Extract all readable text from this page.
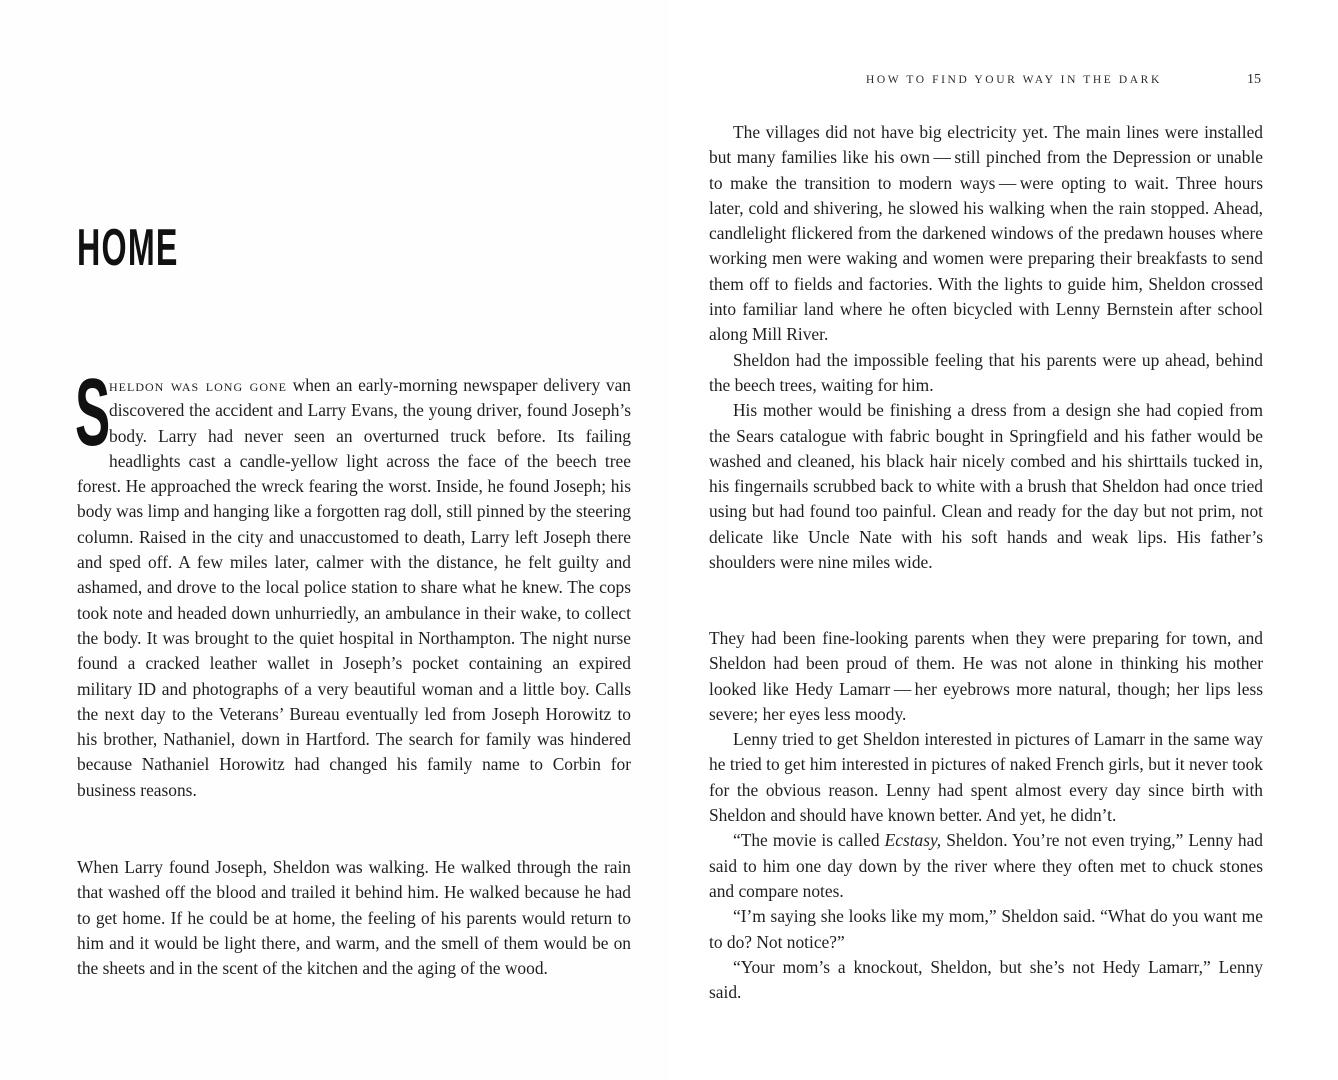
HOME

S
heldon was long gone when an early-morning newspaper delivery van discovered the accident and Larry Evans, the young driver, found Joseph’s body. Larry had never seen an overturned truck before. Its failing headlights cast a candle-yellow light across the face of the beech tree forest. He approached the wreck fearing the worst. Inside, he found Joseph; his body was limp and hanging like a forgotten rag doll, still pinned by the steering column. Raised in the city and unaccustomed to death, Larry left Joseph there and sped off. A few miles later, calmer with the distance, he felt guilty and ashamed, and drove to the local police station to share what he knew. The cops took note and headed down unhurriedly, an ambulance in their wake, to collect the body. It was brought to the quiet hospital in Northampton. The night nurse found a cracked leather wallet in Joseph’s pocket containing an expired military ID and photographs of a very beautiful woman and a little boy. Calls the next day to the Veterans’ Bureau eventually led from Joseph Horowitz to his brother, Nathaniel, down in Hartford. The search for family was hindered because Nathaniel Horowitz had changed his family name to Corbin for business reasons.

When Larry found Joseph, Sheldon was walking. He walked through the rain that washed off the blood and trailed it behind him. He walked because he had to get home. If he could be at home, the feeling of his parents would return to him and it would be light there, and warm, and the smell of them would be on the sheets and in the scent of the kitchen and the aging of the wood.

HOW TO FIND YOUR WAY IN THE DARK	15

The villages did not have big electricity yet. The main lines were installed but many families like his own — still pinched from the Depression or unable to make the transition to modern ways — were opting to wait. Three hours later, cold and shivering, he slowed his walking when the rain stopped. Ahead, candlelight flickered from the darkened windows of the predawn houses where working men were waking and women were preparing their breakfasts to send them off to fields and factories. With the lights to guide him, Sheldon crossed into familiar land where he often bicycled with Lenny Bernstein after school along Mill River.

Sheldon had the impossible feeling that his parents were up ahead, behind the beech trees, waiting for him.

His mother would be finishing a dress from a design she had copied from the Sears catalogue with fabric bought in Springfield and his father would be washed and cleaned, his black hair nicely combed and his shirttails tucked in, his fingernails scrubbed back to white with a brush that Sheldon had once tried using but had found too painful. Clean and ready for the day but not prim, not delicate like Uncle Nate with his soft hands and weak lips. His father’s shoulders were nine miles wide.

They had been fine-looking parents when they were preparing for town, and Sheldon had been proud of them. He was not alone in thinking his mother looked like Hedy Lamarr — her eyebrows more natural, though; her lips less severe; her eyes less moody.

Lenny tried to get Sheldon interested in pictures of Lamarr in the same way he tried to get him interested in pictures of naked French girls, but it never took for the obvious reason. Lenny had spent almost every day since birth with Sheldon and should have known better. And yet, he didn’t.

“The movie is called Ecstasy, Sheldon. You’re not even trying,” Lenny had said to him one day down by the river where they often met to chuck stones and compare notes.

“I’m saying she looks like my mom,” Sheldon said. “What do you want me to do? Not notice?”

“Your mom’s a knockout, Sheldon, but she’s not Hedy Lamarr,” Lenny said.
